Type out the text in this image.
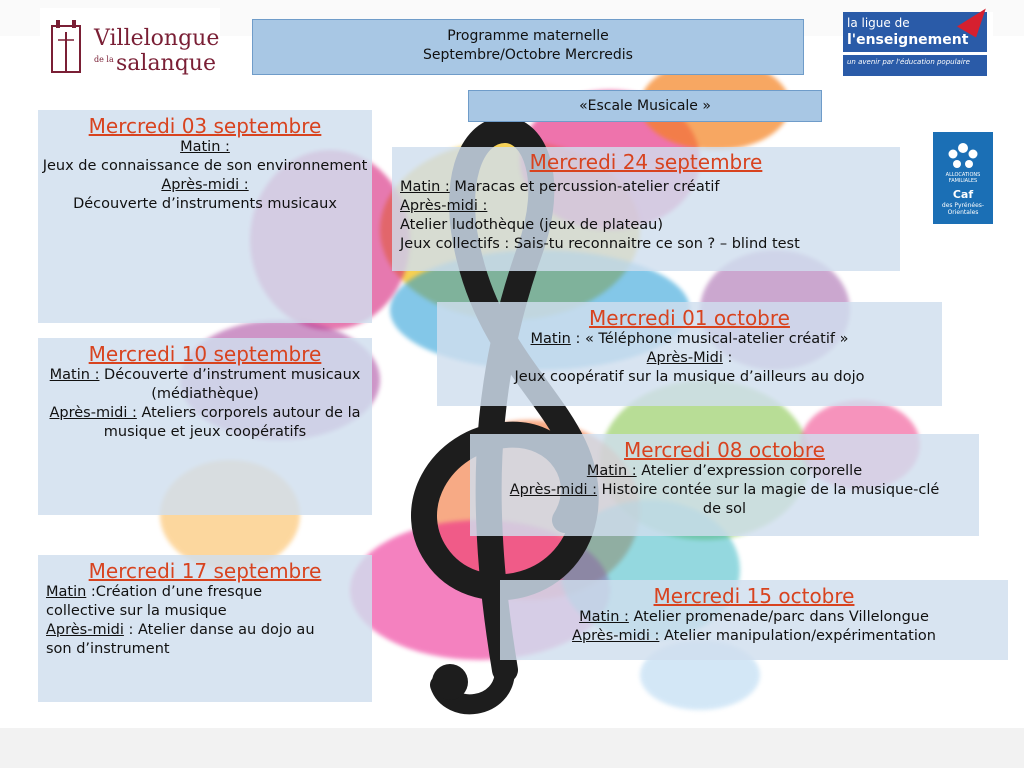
Villelongue
de la salanque
la ligue de
l'enseignement
un avenir par l'éducation populaire
ALLOCATIONS FAMILIALES
Caf
des Pyrénées-Orientales
Programme maternelle
Septembre/Octobre Mercredis
«Escale Musicale »
Mercredi 03 septembre
Matin :
Jeux de connaissance de son environnement
Après-midi :
Découverte d’instruments musicaux
Mercredi 10 septembre
Matin : Découverte d’instrument musicaux (médiathèque)
Après-midi : Ateliers corporels autour de la musique et jeux coopératifs
Mercredi 17 septembre
Matin :Création d’une fresque collective sur la musique
Après-midi : Atelier danse au dojo au son d’instrument
Mercredi 24 septembre
Matin : Maracas et percussion-atelier créatif
Après-midi :
Atelier ludothèque (jeux de plateau)
Jeux collectifs : Sais-tu reconnaitre ce son ? – blind test
Mercredi 01 octobre
Matin : « Téléphone musical-atelier créatif »
Après-Midi :
Jeux coopératif sur la musique d’ailleurs au dojo
Mercredi 08 octobre
Matin : Atelier d’expression corporelle
Après-midi : Histoire contée sur la magie de la musique-clé de sol
Mercredi 15 octobre
Matin : Atelier promenade/parc dans Villelongue
Après-midi : Atelier manipulation/expérimentation
